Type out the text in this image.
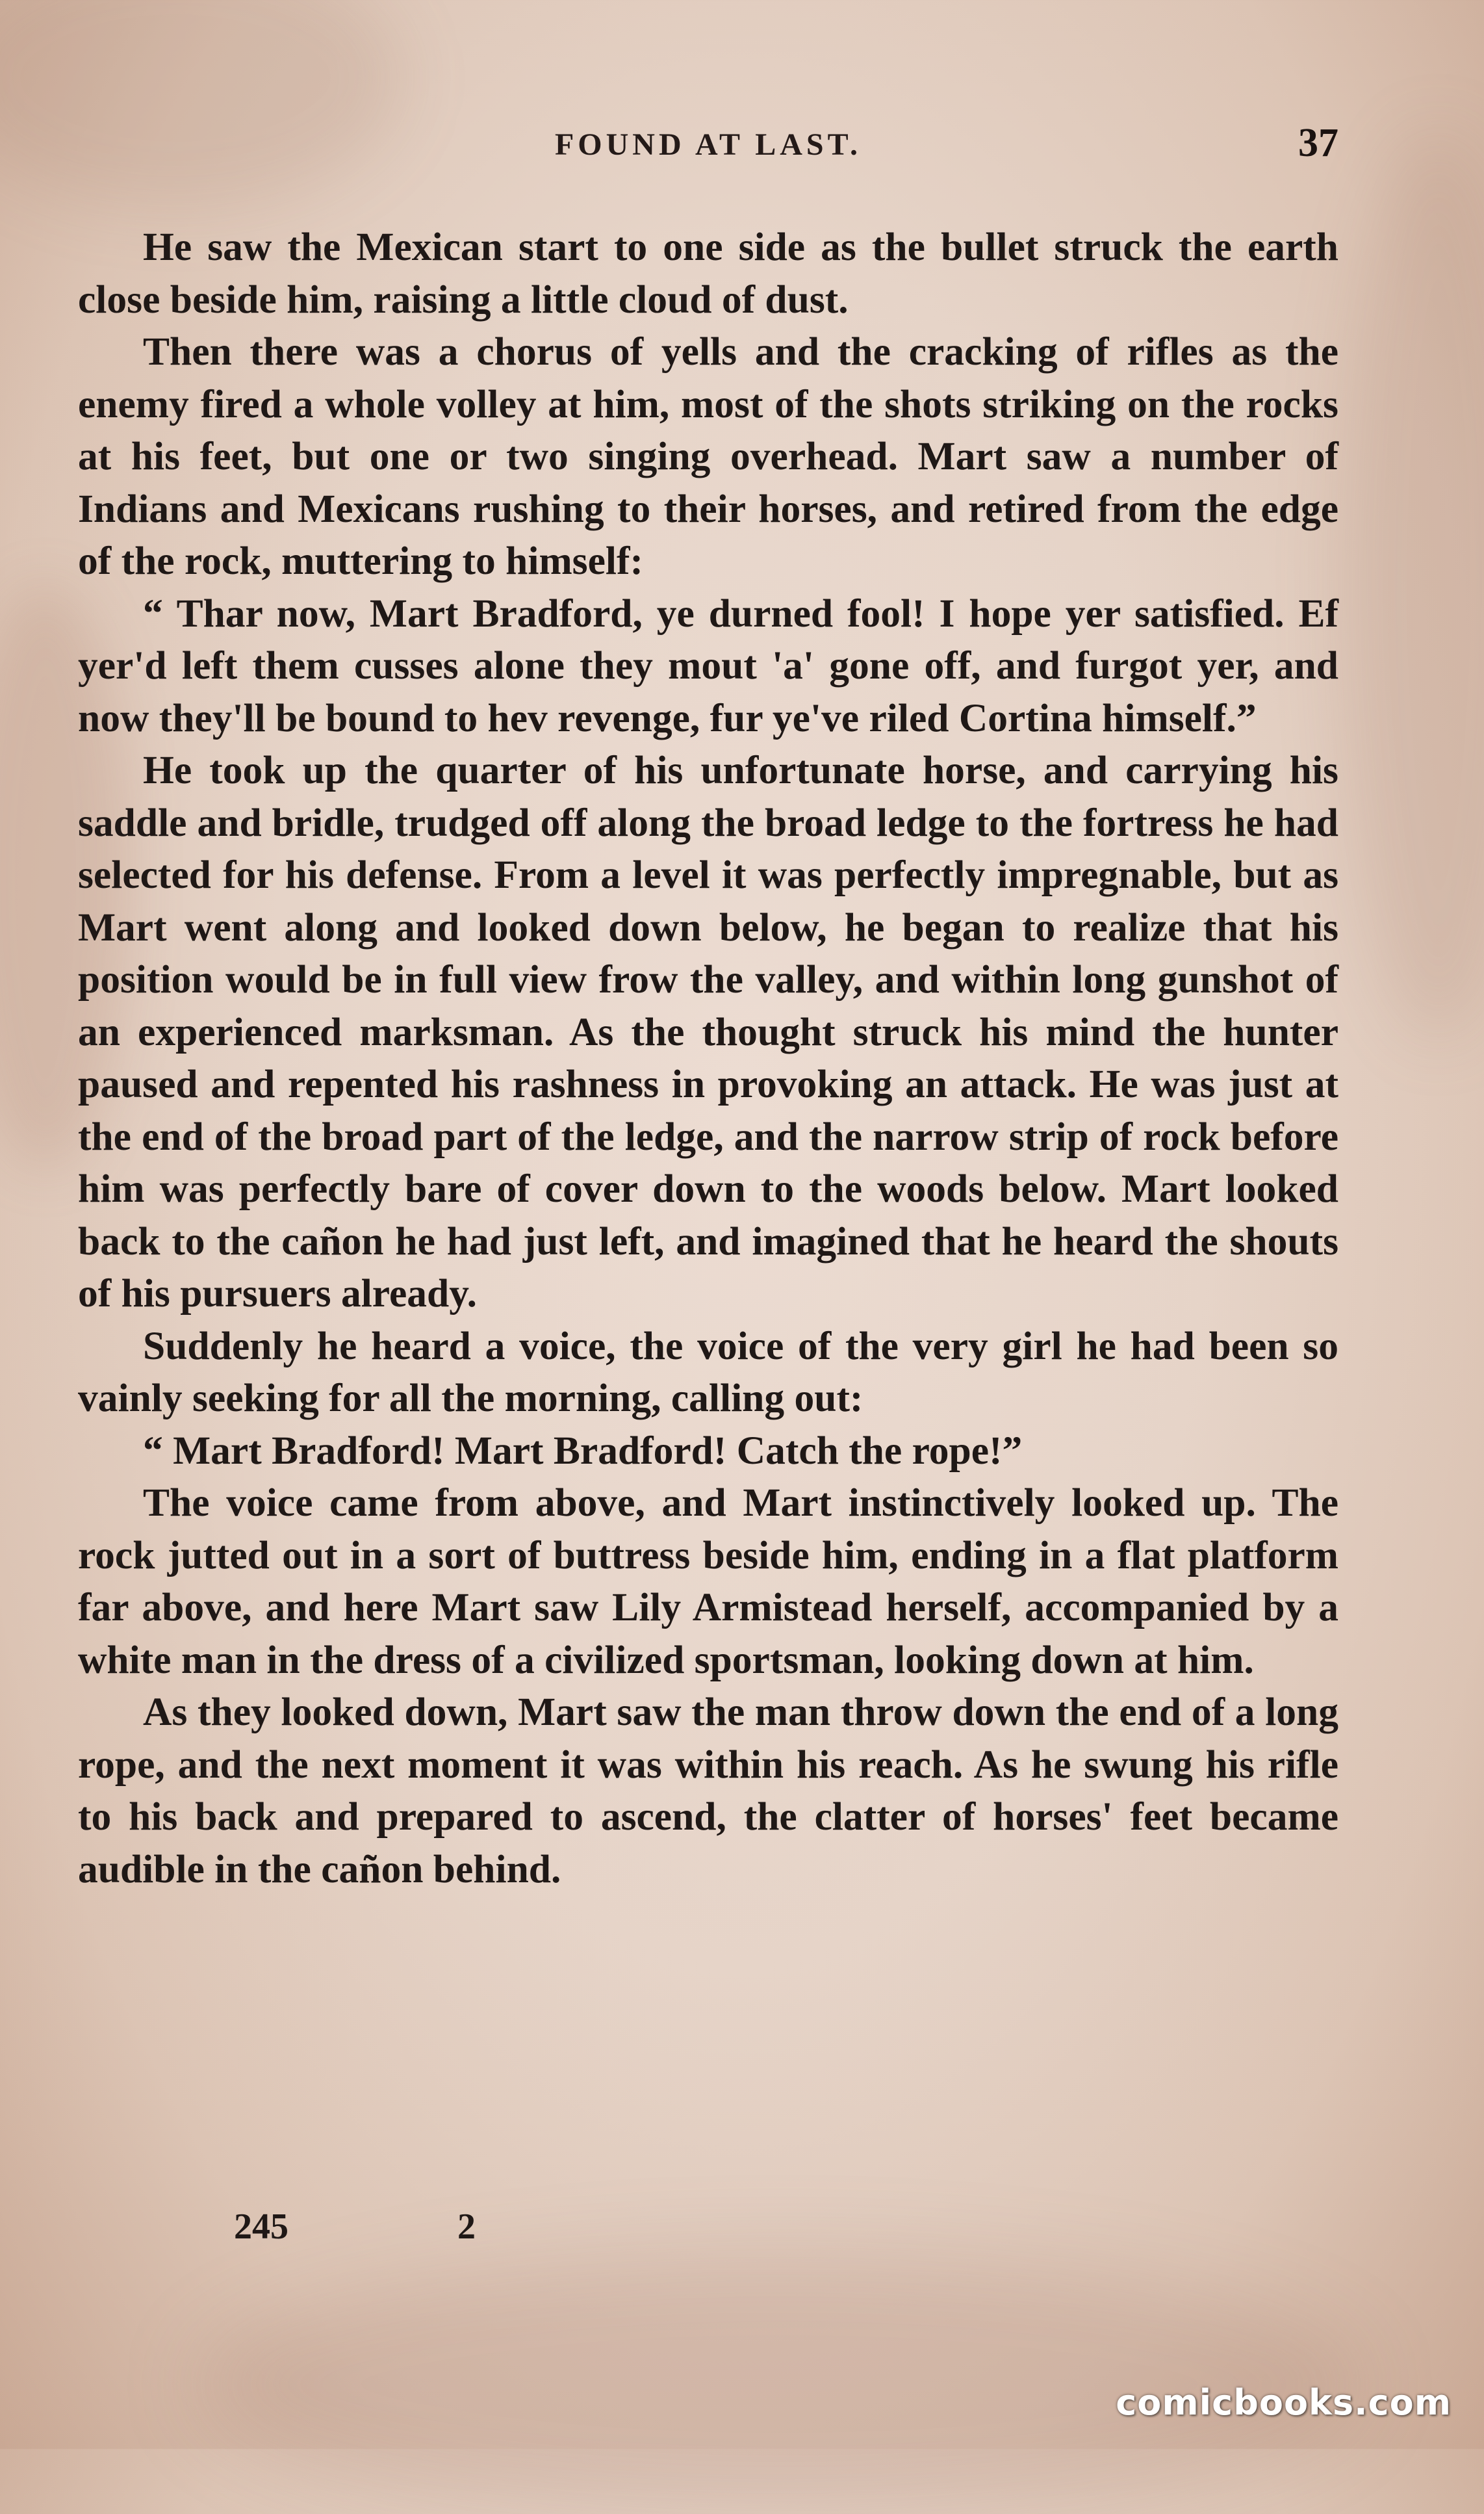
FOUND AT LAST.	37

He saw the Mexican start to one side as the bullet struck the earth close beside him, raising a little cloud of dust.

Then there was a chorus of yells and the cracking of rifles as the enemy fired a whole volley at him, most of the shots striking on the rocks at his feet, but one or two singing overhead. Mart saw a number of Indians and Mexicans rushing to their horses, and retired from the edge of the rock, muttering to himself:

“ Thar now, Mart Bradford, ye durned fool! I hope yer satisfied. Ef yer'd left them cusses alone they mout 'a' gone off, and furgot yer, and now they'll be bound to hev revenge, fur ye've riled Cortina himself.”

He took up the quarter of his unfortunate horse, and carrying his saddle and bridle, trudged off along the broad ledge to the fortress he had selected for his defense. From a level it was perfectly impregnable, but as Mart went along and looked down below, he began to realize that his position would be in full view frow the valley, and within long gunshot of an experienced marksman. As the thought struck his mind the hunter paused and repented his rashness in provoking an attack. He was just at the end of the broad part of the ledge, and the narrow strip of rock before him was perfectly bare of cover down to the woods below. Mart looked back to the cañon he had just left, and imagined that he heard the shouts of his pursuers already.

Suddenly he heard a voice, the voice of the very girl he had been so vainly seeking for all the morning, calling out:

“ Mart Bradford! Mart Bradford! Catch the rope!”

The voice came from above, and Mart instinctively looked up. The rock jutted out in a sort of buttress beside him, ending in a flat platform far above, and here Mart saw Lily Armistead herself, accompanied by a white man in the dress of a civilized sportsman, looking down at him.

As they looked down, Mart saw the man throw down the end of a long rope, and the next moment it was within his reach. As he swung his rifle to his back and prepared to ascend, the clatter of horses' feet became audible in the cañon behind.

245	2
comicbooks.com
